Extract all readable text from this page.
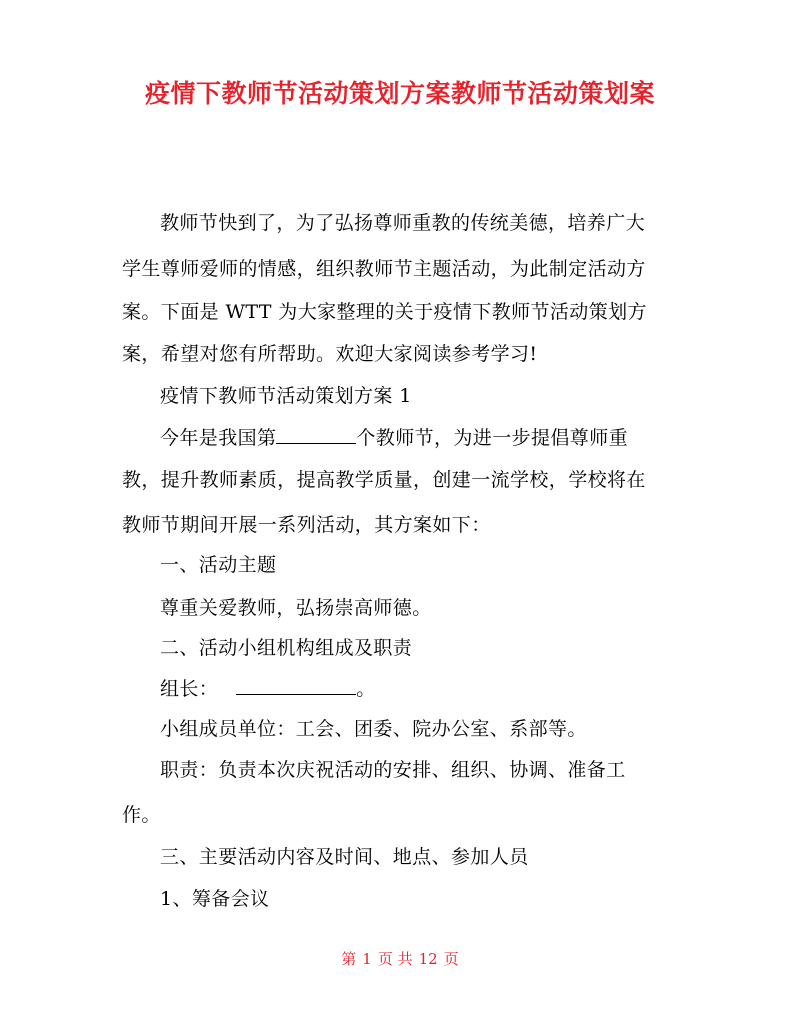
疫情下教师节活动策划方案教师节活动策划案
教师节快到了，为了弘扬尊师重教的传统美德，培养广大
学生尊师爱师的情感，组织教师节主题活动，为此制定活动方
案。下面是 WTT 为大家整理的关于疫情下教师节活动策划方
案，希望对您有所帮助。欢迎大家阅读参考学习!
疫情下教师节活动策划方案 1
今年是我国第	个教师节，为进一步提倡尊师重
教，提升教师素质，提高教学质量，创建一流学校，学校将在
教师节期间开展一系列活动，其方案如下：
一、活动主题
尊重关爱教师，弘扬崇高师德。
二、活动小组机构组成及职责
组长：	。
小组成员单位：工会、团委、院办公室、系部等。
职责：负责本次庆祝活动的安排、组织、协调、准备工
作。
三、主要活动内容及时间、地点、参加人员
1、筹备会议
第 1 页 共 12 页
